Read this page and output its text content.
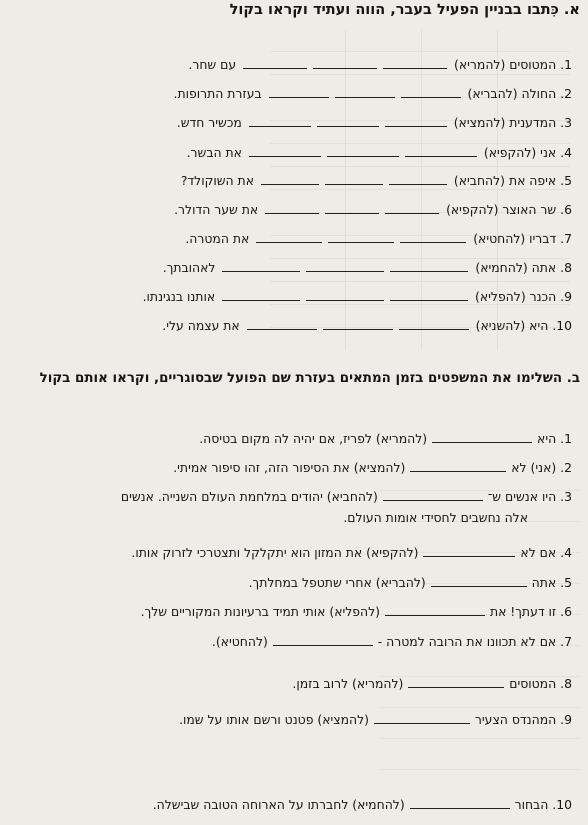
א. כִּתבו בבניין הפעיל בעבר, הווה ועתיד וקראו בקול
1. המטוסים (להמריא)  עם שחר.
2. החולה (להבריא)  בעזרת התרופות.
3. המדענית (להמציא)  מכשיר חדש.
4. אני (להקפיא)  את הבשר.
5. איפה את (להחביא)  את השוקולד?
6. שר האוצר (להקפיא)  את שער הדולר.
7. דבריו (להחטיא)  את המטרה.
8. אתה (להחמיא)  לאהובתך.
9. הכנר (להפליא)  אותנו בנגינתו.
10. היא (להשניא)  את עצמה עלי.
ב. השלימו את המשפטים בזמן המתאים בעזרת שם הפועל שבסוגריים, וקראו אותם בקול
1. היא  (להמריא) לפריז, אם יהיה לה מקום בטיסה.
2. (אני) לא  (להמציא) את הסיפור הזה, זהו סיפור אמיתי.
3. היו אנשים ש־  (להחביא) יהודים במלחמת העולם השנייה. אנשים
אלה נחשבים לחסידי אומות העולם.
4. אם לא  (להקפיא) את המזון הוא יתקלקל ותצטרכי לזרוק אותו.
5. אתה  (להבריא) אחרי שתטפל במחלתך.
6. זו דעתך! את  (להפליא) אותי תמיד ברעיונות המקוריים שלך.
7. אם לא תכוונו את הרובה למטרה -  (להחטיא).
8. המטוסים  (להמריא) לרוב בזמן.
9. המהנדס הצעיר  (להמציא) פטנט ורשם אותו על שמו.
10. הבחור  (להחמיא) לחברתו על הארוחה הטובה שבישלה.
